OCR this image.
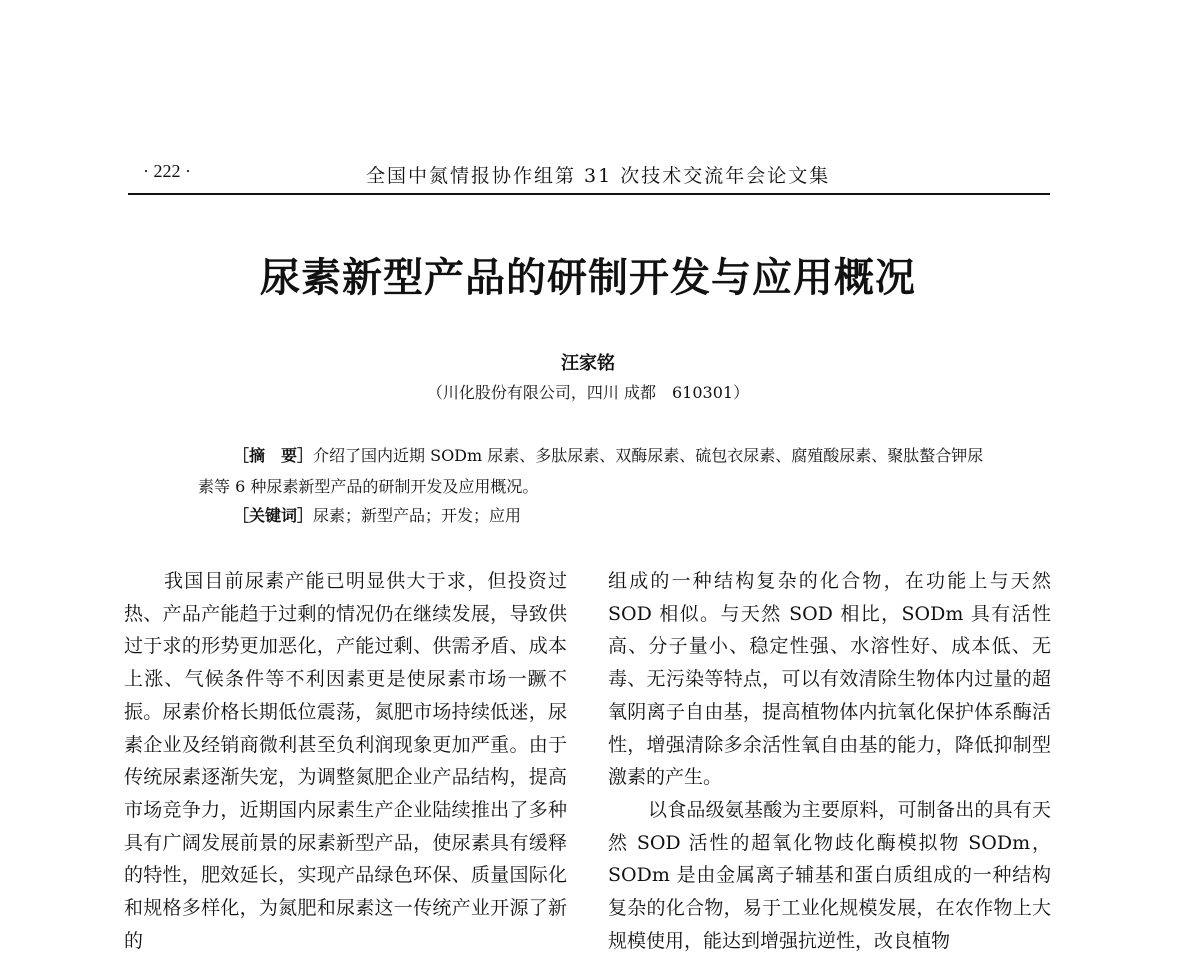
· 222 ·	全国中氮情报协作组第 31 次技术交流年会论文集
尿素新型产品的研制开发与应用概况
汪家铭
（川化股份有限公司，四川 成都　610301）

［摘　要］介绍了国内近期 SODm 尿素、多肽尿素、双酶尿素、硫包衣尿素、腐殖酸尿素、聚肽螯合钾尿素等 6 种尿素新型产品的研制开发及应用概况。

［关键词］尿素；新型产品；开发；应用

我国目前尿素产能已明显供大于求，但投资过热、产品产能趋于过剩的情况仍在继续发展，导致供过于求的形势更加恶化，产能过剩、供需矛盾、成本上涨、气候条件等不利因素更是使尿素市场一蹶不振。尿素价格长期低位震荡，氮肥市场持续低迷，尿素企业及经销商微利甚至负利润现象更加严重。由于传统尿素逐渐失宠，为调整氮肥企业产品结构，提高市场竞争力，近期国内尿素生产企业陆续推出了多种具有广阔发展前景的尿素新型产品，使尿素具有缓释的特性，肥效延长，实现产品绿色环保、质量国际化和规格多样化，为氮肥和尿素这一传统产业开源了新的

组成的一种结构复杂的化合物，在功能上与天然 SOD 相似。与天然 SOD 相比，SODm 具有活性高、分子量小、稳定性强、水溶性好、成本低、无毒、无污染等特点，可以有效清除生物体内过量的超氧阴离子自由基，提高植物体内抗氧化保护体系酶活性，增强清除多余活性氧自由基的能力，降低抑制型激素的产生。

以食品级氨基酸为主要原料，可制备出的具有天然 SOD 活性的超氧化物歧化酶模拟物 SODm，SODm 是由金属离子辅基和蛋白质组成的一种结构复杂的化合物，易于工业化规模发展，在农作物上大规模使用，能达到增强抗逆性，改良植物
